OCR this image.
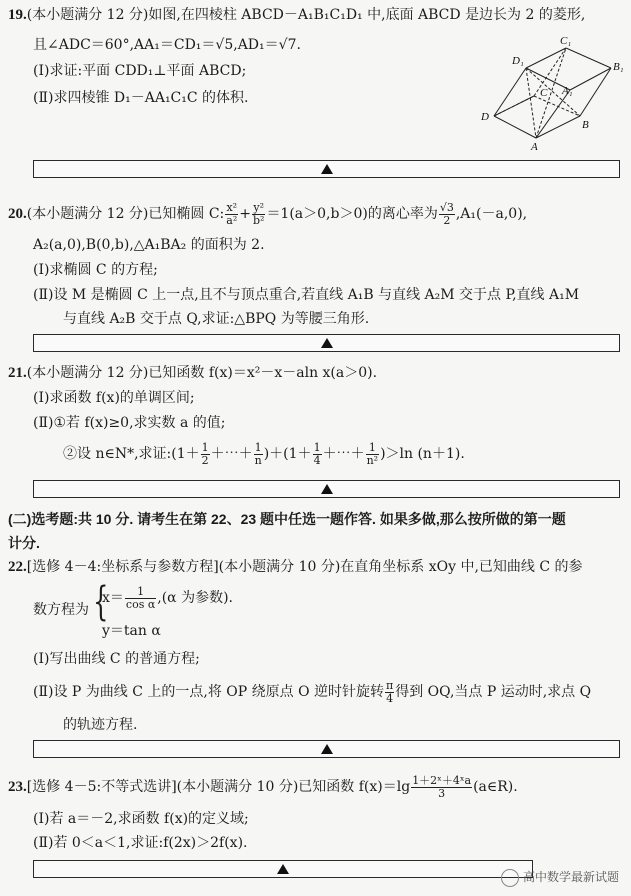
19.(本小题满分 12 分)如图,在四棱柱 ABCD－A₁B₁C₁D₁ 中,底面 ABCD 是边长为 2 的菱形,
且∠ADC＝60°,AA₁＝CD₁＝√5,AD₁＝√7.
(Ⅰ)求证:平面 CDD₁⊥平面 ABCD;
(Ⅱ)求四棱锥 D₁－AA₁C₁C 的体积.
D₁
C₁
B₁
C A₁
D
B
A
20.(本小题满分 12 分)已知椭圆 C: $\frac{\text{x²}}{\text{a²}} + \frac{\text{y²}}{\text{b²}} =1(a>0,b>0)$的离心率为 $\frac{√3}{2} ,A_1(-a,0)$,
A₂(a,0),B(0,b),△A₁BA₂ 的面积为 2.
(Ⅰ)求椭圆 C 的方程;
(Ⅱ)设 M 是椭圆 C 上一点,且不与顶点重合,若直线 A₁B 与直线 A₂M 交于点 P,直线 A₁M
与直线 A₂B 交于点 Q,求证:△BPQ 为等腰三角形.
21.(本小题满分 12 分)已知函数 f(x)＝x²－x－aln x(a＞0).
(Ⅰ)求函数 f(x)的单调区间;
(Ⅱ)①若 f(x)≥0,求实数 a 的值;
②设 n∈N*,求证:(1＋ $\frac{1}{2}$ ＋⋯＋ $\frac{1}{n} )+(1+ \frac{1}{4}$ ＋⋯＋ $\frac{1}{\text{n²}} )>\ln$ (n＋1).
(二)选考题:共 10 分. 请考生在第 22、23 题中任选一题作答. 如果多做,那么按所做的第一题
计分.
22.[选修 4－4:坐标系与参数方程](本小题满分 10 分)在直角坐标系 xOy 中,已知曲线 C 的参
数方程为 {
$x= \frac{1}{\text{cos α}} ,(\alpha$ 为参数).
y＝tan α
(Ⅰ)写出曲线 C 的普通方程;
(Ⅱ)设 P 为曲线 C 上的一点,将 OP 绕原点 O 逆时针旋转 $\frac{\pi}{4}$ 得到 OQ,当点 P 运动时,求点 Q
的轨迹方程.
23.[选修 4－5:不等式选讲](本小题满分 10 分)已知函数 $f(x)=\lg \frac{\text{1＋2ˣ＋4ˣa}}{3}$ (a∈R).
(Ⅰ)若 a＝－2,求函数 f(x)的定义域;
(Ⅱ)若 0＜a＜1,求证:f(2x)＞2f(x).
高中数学最新试题
